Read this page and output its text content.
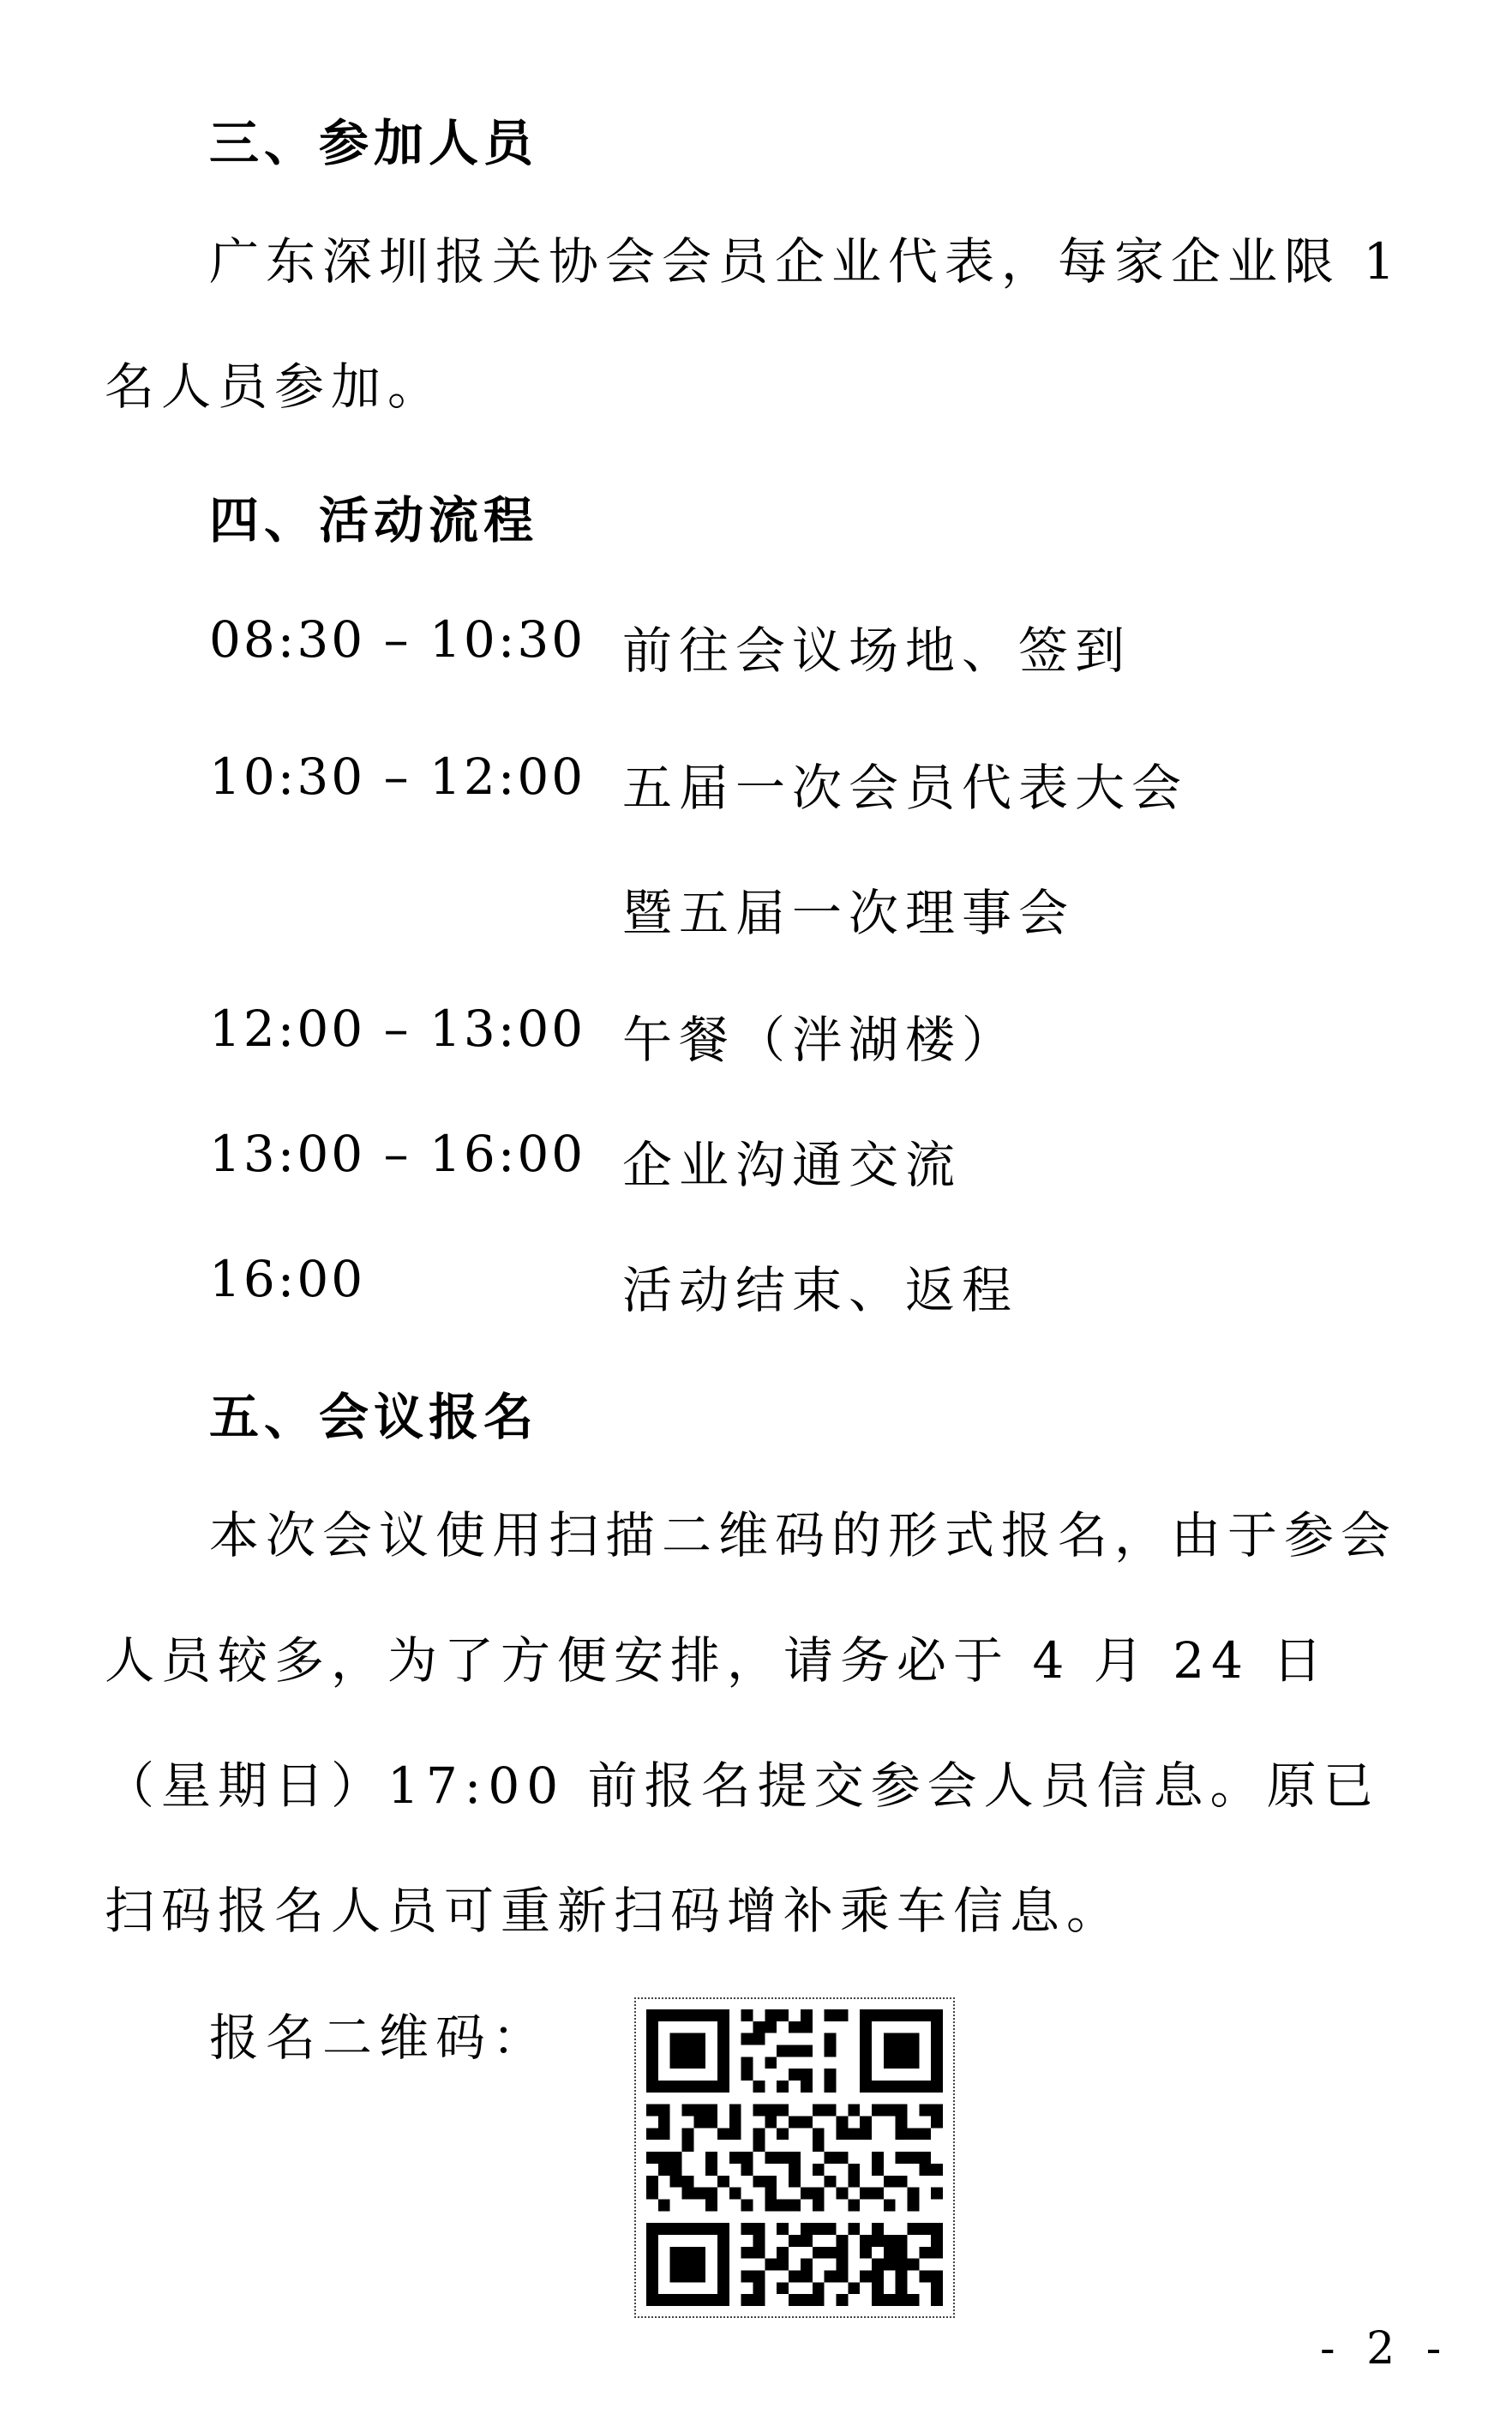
三、参加人员
广东深圳报关协会会员企业代表，每家企业限 1 名人员参加。
四、活动流程
08:30 – 10:30 前往会议场地、签到
10:30 – 12:00 五届一次会员代表大会
暨五届一次理事会
12:00 – 13:00 午餐（泮湖楼）
13:00 – 16:00 企业沟通交流
16:00	活动结束、返程
五、会议报名
本次会议使用扫描二维码的形式报名，由于参会人员较多，为了方便安排，请务必于 4 月 24 日（星期日）17:00 前报名提交参会人员信息。原已扫码报名人员可重新扫码增补乘车信息。
报名二维码：
- 2 -
